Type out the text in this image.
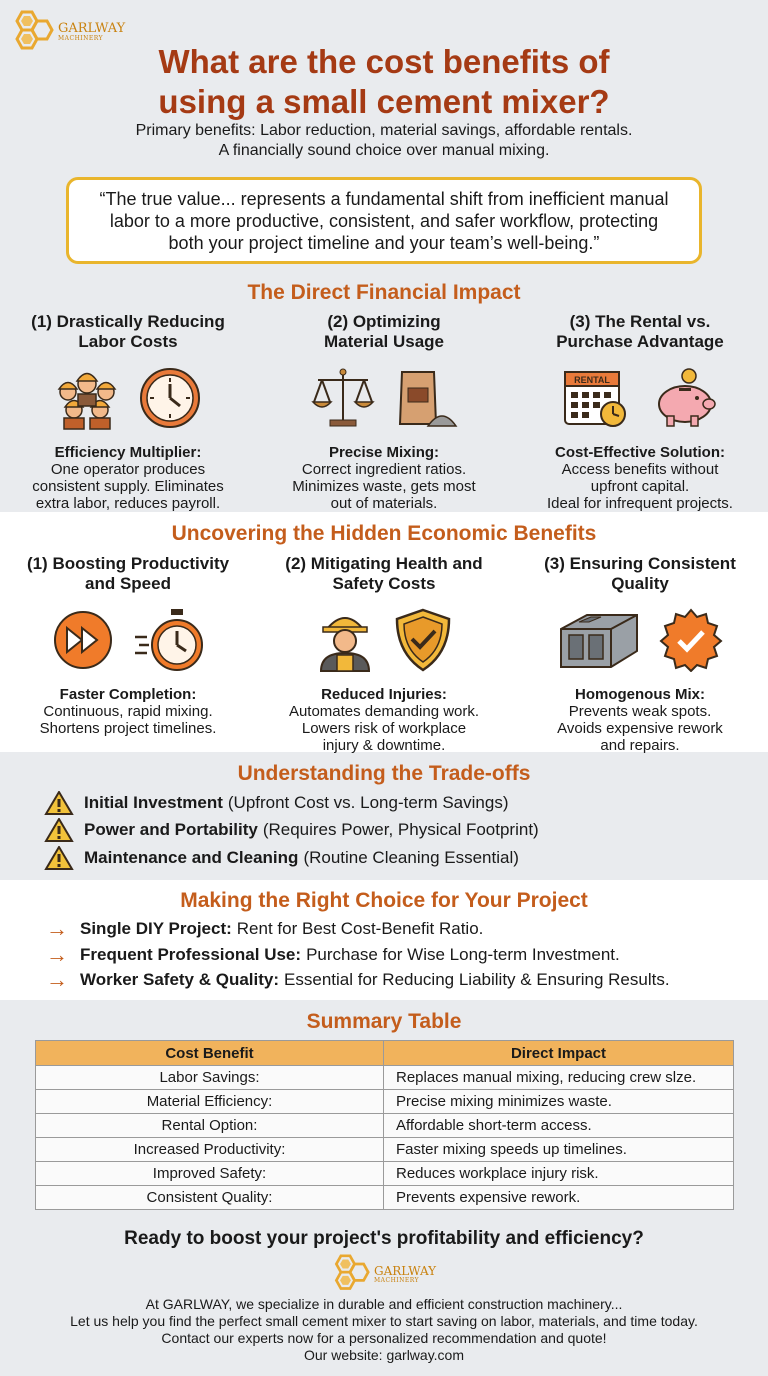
GARLWAY
MACHINERY
What are the cost benefits of
using a small cement mixer?
Primary benefits: Labor reduction, material savings, affordable rentals.
A financially sound choice over manual mixing.
“The true value... represents a fundamental shift from inefficient manual
labor to a more productive, consistent, and safer workflow, protecting
both your project timeline and your team’s well-being.”
The Direct Financial Impact
(1) Drastically Reducing
Labor Costs
Efficiency Multiplier:
One operator produces
consistent supply. Eliminates
extra labor, reduces payroll.
(2) Optimizing
Material Usage
Precise Mixing:
Correct ingredient ratios.
Minimizes waste, gets most
out of materials.
(3) The Rental vs.
Purchase Advantage
RENTAL
Cost-Effective Solution:
Access benefits without
upfront capital.
Ideal for infrequent projects.
Uncovering the Hidden Economic Benefits
(1) Boosting Productivity
and Speed
Faster Completion:
Continuous, rapid mixing.
Shortens project timelines.
(2) Mitigating Health and
Safety Costs
Reduced Injuries:
Automates demanding work.
Lowers risk of workplace
injury & downtime.
(3) Ensuring Consistent
Quality
Homogenous Mix:
Prevents weak spots.
Avoids expensive rework
and repairs.
Understanding the Trade-offs
Initial Investment (Upfront Cost vs. Long-term Savings)
Power and Portability (Requires Power, Physical Footprint)
Maintenance and Cleaning (Routine Cleaning Essential)
Making the Right Choice for Your Project
→ Single DIY Project: Rent for Best Cost-Benefit Ratio.
→ Frequent Professional Use: Purchase for Wise Long-term Investment.
→ Worker Safety & Quality: Essential for Reducing Liability & Ensuring Results.
Summary Table
Cost Benefit	Direct Impact
Labor Savings:	Replaces manual mixing, reducing crew slze.
Material Efficiency:	Precise mixing minimizes waste.
Rental Option:	Affordable short-term access.
Increased Productivity:	Faster mixing speeds up timelines.
Improved Safety:	Reduces workplace injury risk.
Consistent Quality:	Prevents expensive rework.
Ready to boost your project's profitability and efficiency?
GARLWAY
MACHINERY
At GARLWAY, we specialize in durable and efficient construction machinery...
Let us help you find the perfect small cement mixer to start saving on labor, materials, and time today.
Contact our experts now for a personalized recommendation and quote!
Our website: garlway.com
